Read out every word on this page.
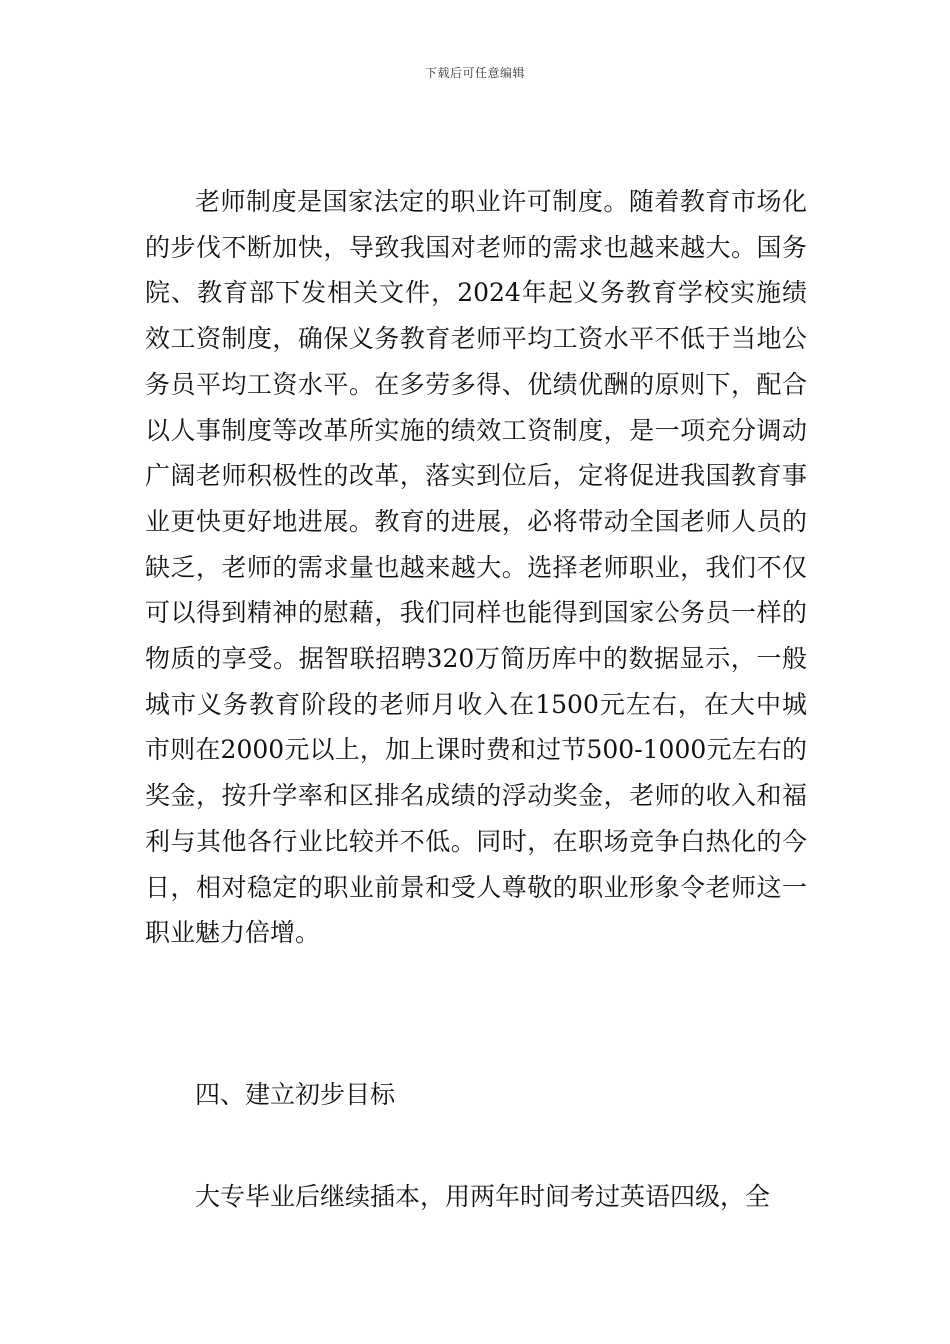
下载后可任意编辑

老师制度是国家法定的职业许可制度。随着教育市场化的步伐不断加快，导致我国对老师的需求也越来越大。国务院、教育部下发相关文件，2024年起义务教育学校实施绩效工资制度，确保义务教育老师平均工资水平不低于当地公务员平均工资水平。在多劳多得、优绩优酬的原则下，配合以人事制度等改革所实施的绩效工资制度，是一项充分调动广阔老师积极性的改革，落实到位后，定将促进我国教育事业更快更好地进展。教育的进展，必将带动全国老师人员的缺乏，老师的需求量也越来越大。选择老师职业，我们不仅可以得到精神的慰藉，我们同样也能得到国家公务员一样的物质的享受。据智联招聘320万简历库中的数据显示，一般城市义务教育阶段的老师月收入在1500元左右，在大中城市则在2000元以上，加上课时费和过节500-1000元左右的奖金，按升学率和区排名成绩的浮动奖金，老师的收入和福利与其他各行业比较并不低。同时，在职场竞争白热化的今日，相对稳定的职业前景和受人尊敬的职业形象令老师这一职业魅力倍增。

四、建立初步目标

大专毕业后继续插本，用两年时间考过英语四级，全
